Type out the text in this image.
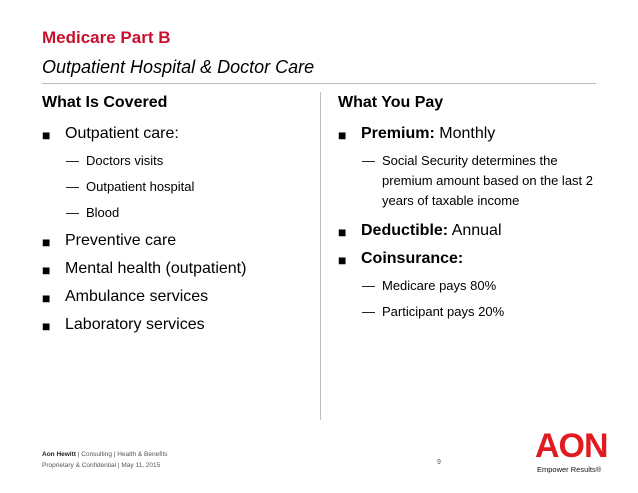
Medicare Part B
Outpatient Hospital & Doctor Care
What Is Covered
■ Outpatient care:
— Doctors visits
— Outpatient hospital
— Blood
■ Preventive care
■ Mental health (outpatient)
■ Ambulance services
■ Laboratory services
What You Pay
■ Premium: Monthly
— Social Security determines the premium amount based on the last 2 years of taxable income
■ Deductible: Annual
■ Coinsurance:
— Medicare pays 80%
— Participant pays 20%
Aon Hewitt | Consulting | Health & Benefits
Proprietary & Confidential | May 11, 2015	9	AON
Empower Results®
